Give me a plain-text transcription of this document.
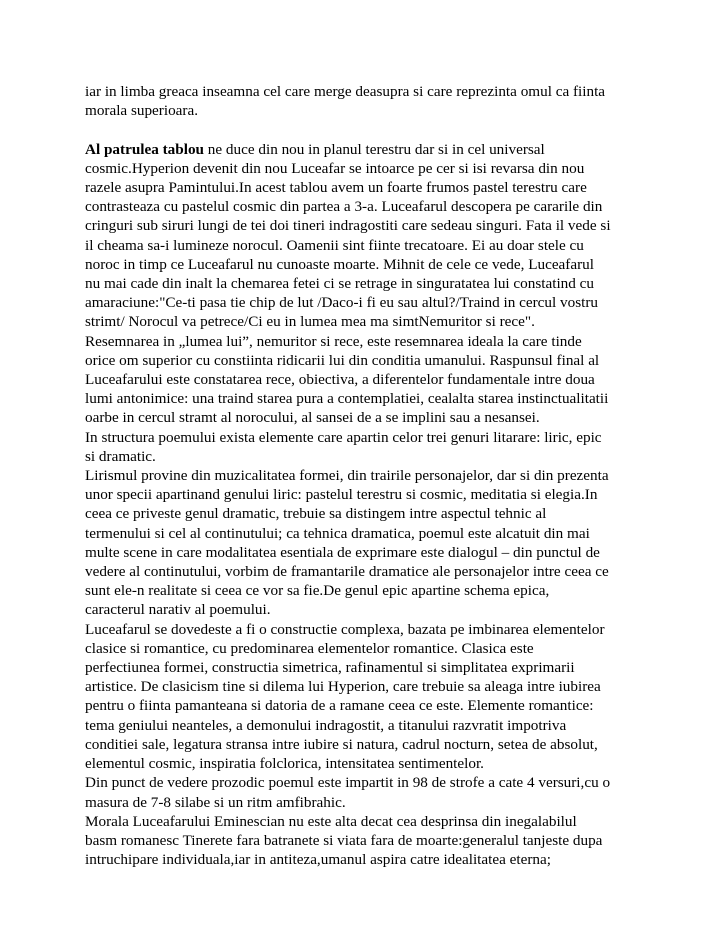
iar in limba greaca inseamna cel care merge deasupra si care reprezinta omul ca fiinta
morala superioara.
Al patrulea tablou ne duce din nou in planul terestru dar si in cel universal
cosmic.Hyperion devenit din nou Luceafar se intoarce pe cer si isi revarsa din nou
razele asupra Pamintului.In acest tablou avem un foarte frumos pastel terestru care
contrasteaza cu pastelul cosmic din partea a 3-a. Luceafarul descopera pe cararile din
cringuri sub siruri lungi de tei doi tineri indragostiti care sedeau singuri. Fata il vede si
il cheama sa-i lumineze norocul. Oamenii sint fiinte trecatoare. Ei au doar stele cu
noroc in timp ce Luceafarul nu cunoaste moarte. Mihnit de cele ce vede, Luceafarul
nu mai cade din inalt la chemarea fetei ci se retrage in singuratatea lui constatind cu
amaraciune:"Ce-ti pasa tie chip de lut /Daco-i fi eu sau altul?/Traind in cercul vostru
strimt/ Norocul va petrece/Ci eu in lumea mea ma simtNemuritor si rece".
Resemnarea in „lumea lui”, nemuritor si rece, este resemnarea ideala la care tinde
orice om superior cu constiinta ridicarii lui din conditia umanului. Raspunsul final al
Luceafarului este constatarea rece, obiectiva, a diferentelor fundamentale intre doua
lumi antonimice: una traind starea pura a contemplatiei, cealalta starea instinctualitatii
oarbe in cercul stramt al norocului, al sansei de a se implini sau a nesansei.
In structura poemului exista elemente care apartin celor trei genuri litarare: liric, epic
si dramatic.
Lirismul provine din muzicalitatea formei, din trairile personajelor, dar si din prezenta
unor specii apartinand genului liric: pastelul terestru si cosmic, meditatia si elegia.In
ceea ce priveste genul dramatic, trebuie sa distingem intre aspectul tehnic al
termenului si cel al continutului; ca tehnica dramatica, poemul este alcatuit din mai
multe scene in care modalitatea esentiala de exprimare este dialogul – din punctul de
vedere al continutului, vorbim de framantarile dramatice ale personajelor intre ceea ce
sunt ele-n realitate si ceea ce vor sa fie.De genul epic apartine schema epica,
caracterul narativ al poemului.
Luceafarul se dovedeste a fi o constructie complexa, bazata pe imbinarea elementelor
clasice si romantice, cu predominarea elementelor romantice. Clasica este
perfectiunea formei, constructia simetrica, rafinamentul si simplitatea exprimarii
artistice. De clasicism tine si dilema lui Hyperion, care trebuie sa aleaga intre iubirea
pentru o fiinta pamanteana si datoria de a ramane ceea ce este. Elemente romantice:
tema geniului neanteles, a demonului indragostit, a titanului razvratit impotriva
conditiei sale, legatura stransa intre iubire si natura, cadrul nocturn, setea de absolut,
elementul cosmic, inspiratia folclorica, intensitatea sentimentelor.
Din punct de vedere prozodic poemul este impartit in 98 de strofe a cate 4 versuri,cu o
masura de 7-8 silabe si un ritm amfibrahic.
Morala Luceafarului Eminescian nu este alta decat cea desprinsa din inegalabilul
basm romanesc Tinerete fara batranete si viata fara de moarte:generalul tanjeste dupa
intruchipare individuala,iar in antiteza,umanul aspira catre idealitatea eterna;
